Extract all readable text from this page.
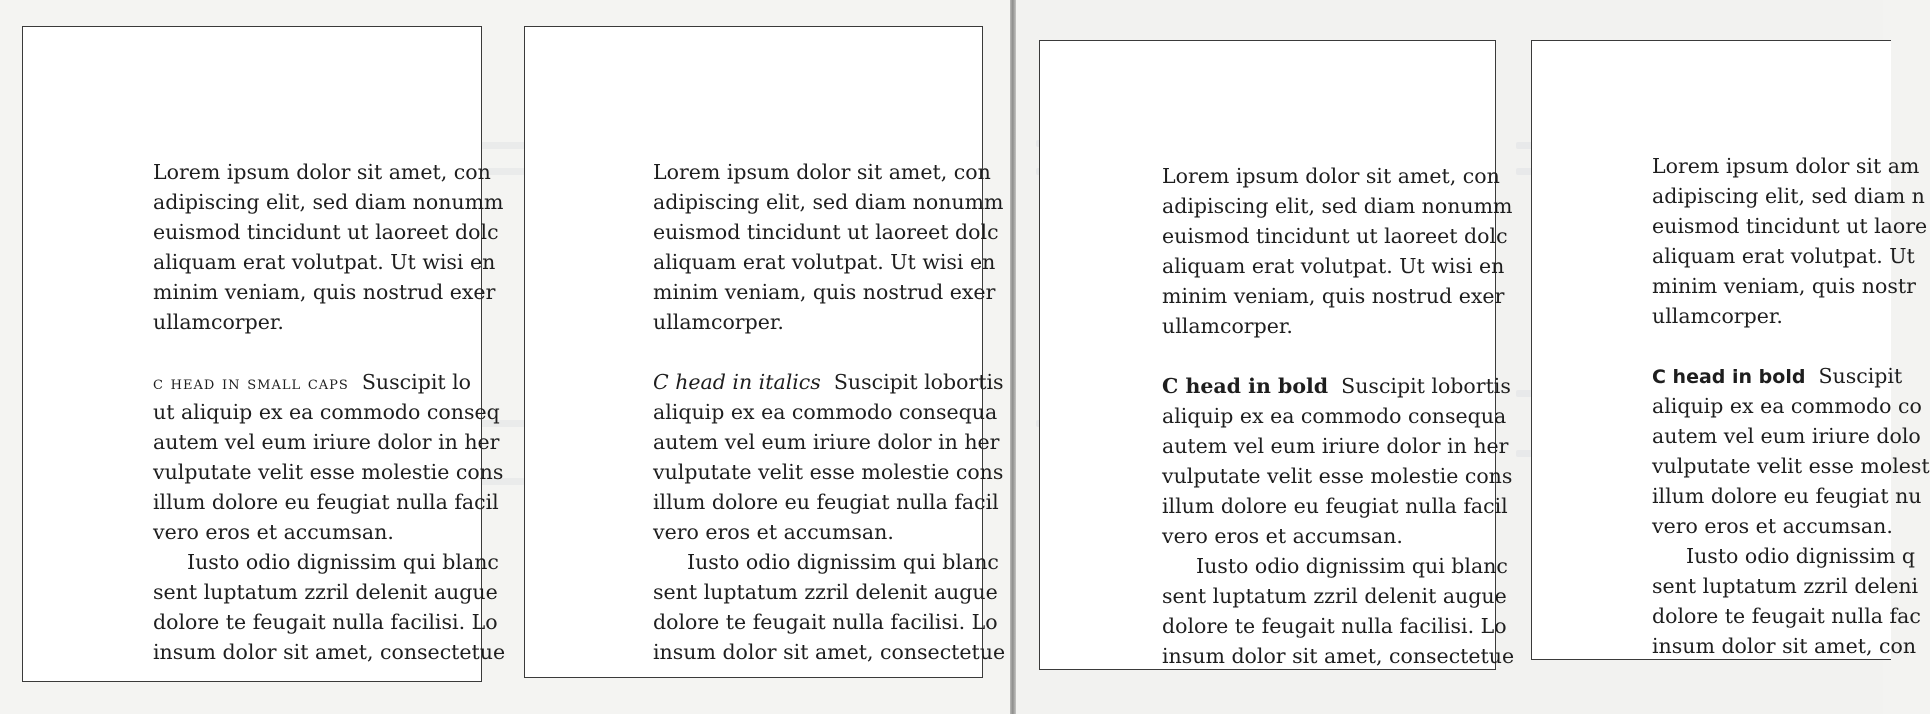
Lorem ipsum dolor sit amet, con
adipiscing elit, sed diam nonumm
euismod tincidunt ut laoreet dolc
aliquam erat volutpat. Ut wisi en
minim veniam, quis nostrud exer
ullamcorper.
c head in small caps Suscipit lo
ut aliquip ex ea commodo conseq
autem vel eum iriure dolor in her
vulputate velit esse molestie cons
illum dolore eu feugiat nulla facil
vero eros et accumsan.
Iusto odio dignissim qui blanc
sent luptatum zzril delenit augue
dolore te feugait nulla facilisi. Lo
insum dolor sit amet, consectetue
Lorem ipsum dolor sit amet, con
adipiscing elit, sed diam nonumm
euismod tincidunt ut laoreet dolc
aliquam erat volutpat. Ut wisi en
minim veniam, quis nostrud exer
ullamcorper.
C head in italics Suscipit lobortis
aliquip ex ea commodo consequa
autem vel eum iriure dolor in her
vulputate velit esse molestie cons
illum dolore eu feugiat nulla facil
vero eros et accumsan.
Iusto odio dignissim qui blanc
sent luptatum zzril delenit augue
dolore te feugait nulla facilisi. Lo
insum dolor sit amet, consectetue
Lorem ipsum dolor sit amet, con
adipiscing elit, sed diam nonumm
euismod tincidunt ut laoreet dolc
aliquam erat volutpat. Ut wisi en
minim veniam, quis nostrud exer
ullamcorper.
C head in bold Suscipit lobortis
aliquip ex ea commodo consequa
autem vel eum iriure dolor in her
vulputate velit esse molestie cons
illum dolore eu feugiat nulla facil
vero eros et accumsan.
Iusto odio dignissim qui blanc
sent luptatum zzril delenit augue
dolore te feugait nulla facilisi. Lo
insum dolor sit amet, consectetue
Lorem ipsum dolor sit am
adipiscing elit, sed diam n
euismod tincidunt ut laore
aliquam erat volutpat. Ut
minim veniam, quis nostr
ullamcorper.
C head in bold Suscipit
aliquip ex ea commodo co
autem vel eum iriure dolo
vulputate velit esse molest
illum dolore eu feugiat nu
vero eros et accumsan.
Iusto odio dignissim q
sent luptatum zzril deleni
dolore te feugait nulla fac
insum dolor sit amet, con
